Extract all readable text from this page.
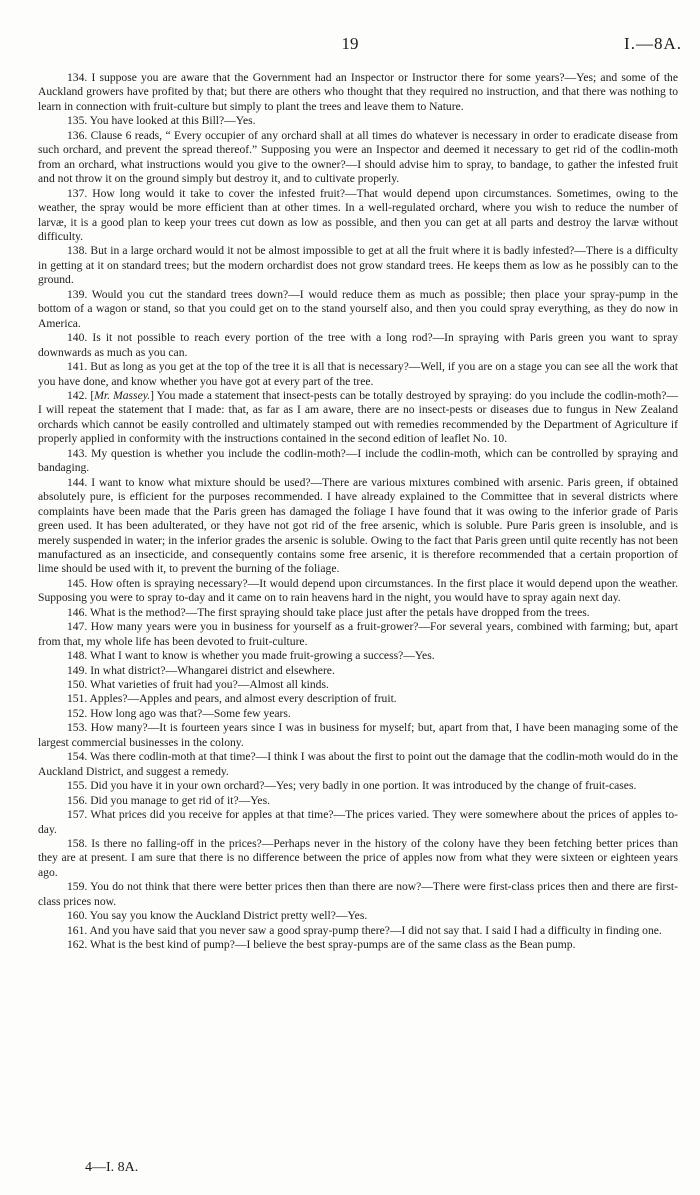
19	I.—8A.

134. I suppose you are aware that the Government had an Inspector or Instructor there for some years?—Yes; and some of the Auckland growers have profited by that; but there are others who thought that they required no instruction, and that there was nothing to learn in connection with fruit-culture but simply to plant the trees and leave them to Nature.

135. You have looked at this Bill?—Yes.

136. Clause 6 reads, “ Every occupier of any orchard shall at all times do whatever is necessary in order to eradicate disease from such orchard, and prevent the spread thereof.” Supposing you were an Inspector and deemed it necessary to get rid of the codlin-moth from an orchard, what instructions would you give to the owner?—I should advise him to spray, to bandage, to gather the infested fruit and not throw it on the ground simply but destroy it, and to cultivate properly.

137. How long would it take to cover the infested fruit?—That would depend upon circumstances. Sometimes, owing to the weather, the spray would be more efficient than at other times. In a well-regulated orchard, where you wish to reduce the number of larvæ, it is a good plan to keep your trees cut down as low as possible, and then you can get at all parts and destroy the larvæ without difficulty.

138. But in a large orchard would it not be almost impossible to get at all the fruit where it is badly infested?—There is a difficulty in getting at it on standard trees; but the modern orchardist does not grow standard trees. He keeps them as low as he possibly can to the ground.

139. Would you cut the standard trees down?—I would reduce them as much as possible; then place your spray-pump in the bottom of a wagon or stand, so that you could get on to the stand yourself also, and then you could spray everything, as they do now in America.

140. Is it not possible to reach every portion of the tree with a long rod?—In spraying with Paris green you want to spray downwards as much as you can.

141. But as long as you get at the top of the tree it is all that is necessary?—Well, if you are on a stage you can see all the work that you have done, and know whether you have got at every part of the tree.

142. [Mr. Massey.] You made a statement that insect-pests can be totally destroyed by spraying: do you include the codlin-moth?—I will repeat the statement that I made: that, as far as I am aware, there are no insect-pests or diseases due to fungus in New Zealand orchards which cannot be easily controlled and ultimately stamped out with remedies recommended by the Department of Agriculture if properly applied in conformity with the instructions contained in the second edition of leaflet No. 10.

143. My question is whether you include the codlin-moth?—I include the codlin-moth, which can be controlled by spraying and bandaging.

144. I want to know what mixture should be used?—There are various mixtures combined with arsenic. Paris green, if obtained absolutely pure, is efficient for the purposes recommended. I have already explained to the Committee that in several districts where complaints have been made that the Paris green has damaged the foliage I have found that it was owing to the inferior grade of Paris green used. It has been adulterated, or they have not got rid of the free arsenic, which is soluble. Pure Paris green is insoluble, and is merely suspended in water; in the inferior grades the arsenic is soluble. Owing to the fact that Paris green until quite recently has not been manufactured as an insecticide, and consequently contains some free arsenic, it is therefore recommended that a certain proportion of lime should be used with it, to prevent the burning of the foliage.

145. How often is spraying necessary?—It would depend upon circumstances. In the first place it would depend upon the weather. Supposing you were to spray to-day and it came on to rain heavens hard in the night, you would have to spray again next day.

146. What is the method?—The first spraying should take place just after the petals have dropped from the trees.

147. How many years were you in business for yourself as a fruit-grower?—For several years, combined with farming; but, apart from that, my whole life has been devoted to fruit-culture.

148. What I want to know is whether you made fruit-growing a success?—Yes.

149. In what district?—Whangarei district and elsewhere.

150. What varieties of fruit had you?—Almost all kinds.

151. Apples?—Apples and pears, and almost every description of fruit.

152. How long ago was that?—Some few years.

153. How many?—It is fourteen years since I was in business for myself; but, apart from that, I have been managing some of the largest commercial businesses in the colony.

154. Was there codlin-moth at that time?—I think I was about the first to point out the damage that the codlin-moth would do in the Auckland District, and suggest a remedy.

155. Did you have it in your own orchard?—Yes; very badly in one portion. It was introduced by the change of fruit-cases.

156. Did you manage to get rid of it?—Yes.

157. What prices did you receive for apples at that time?—The prices varied. They were somewhere about the prices of apples to-day.

158. Is there no falling-off in the prices?—Perhaps never in the history of the colony have they been fetching better prices than they are at present. I am sure that there is no difference between the price of apples now from what they were sixteen or eighteen years ago.

159. You do not think that there were better prices then than there are now?—There were first-class prices then and there are first-class prices now.

160. You say you know the Auckland District pretty well?—Yes.

161. And you have said that you never saw a good spray-pump there?—I did not say that. I said I had a difficulty in finding one.

162. What is the best kind of pump?—I believe the best spray-pumps are of the same class as the Bean pump.

4—I. 8A.
